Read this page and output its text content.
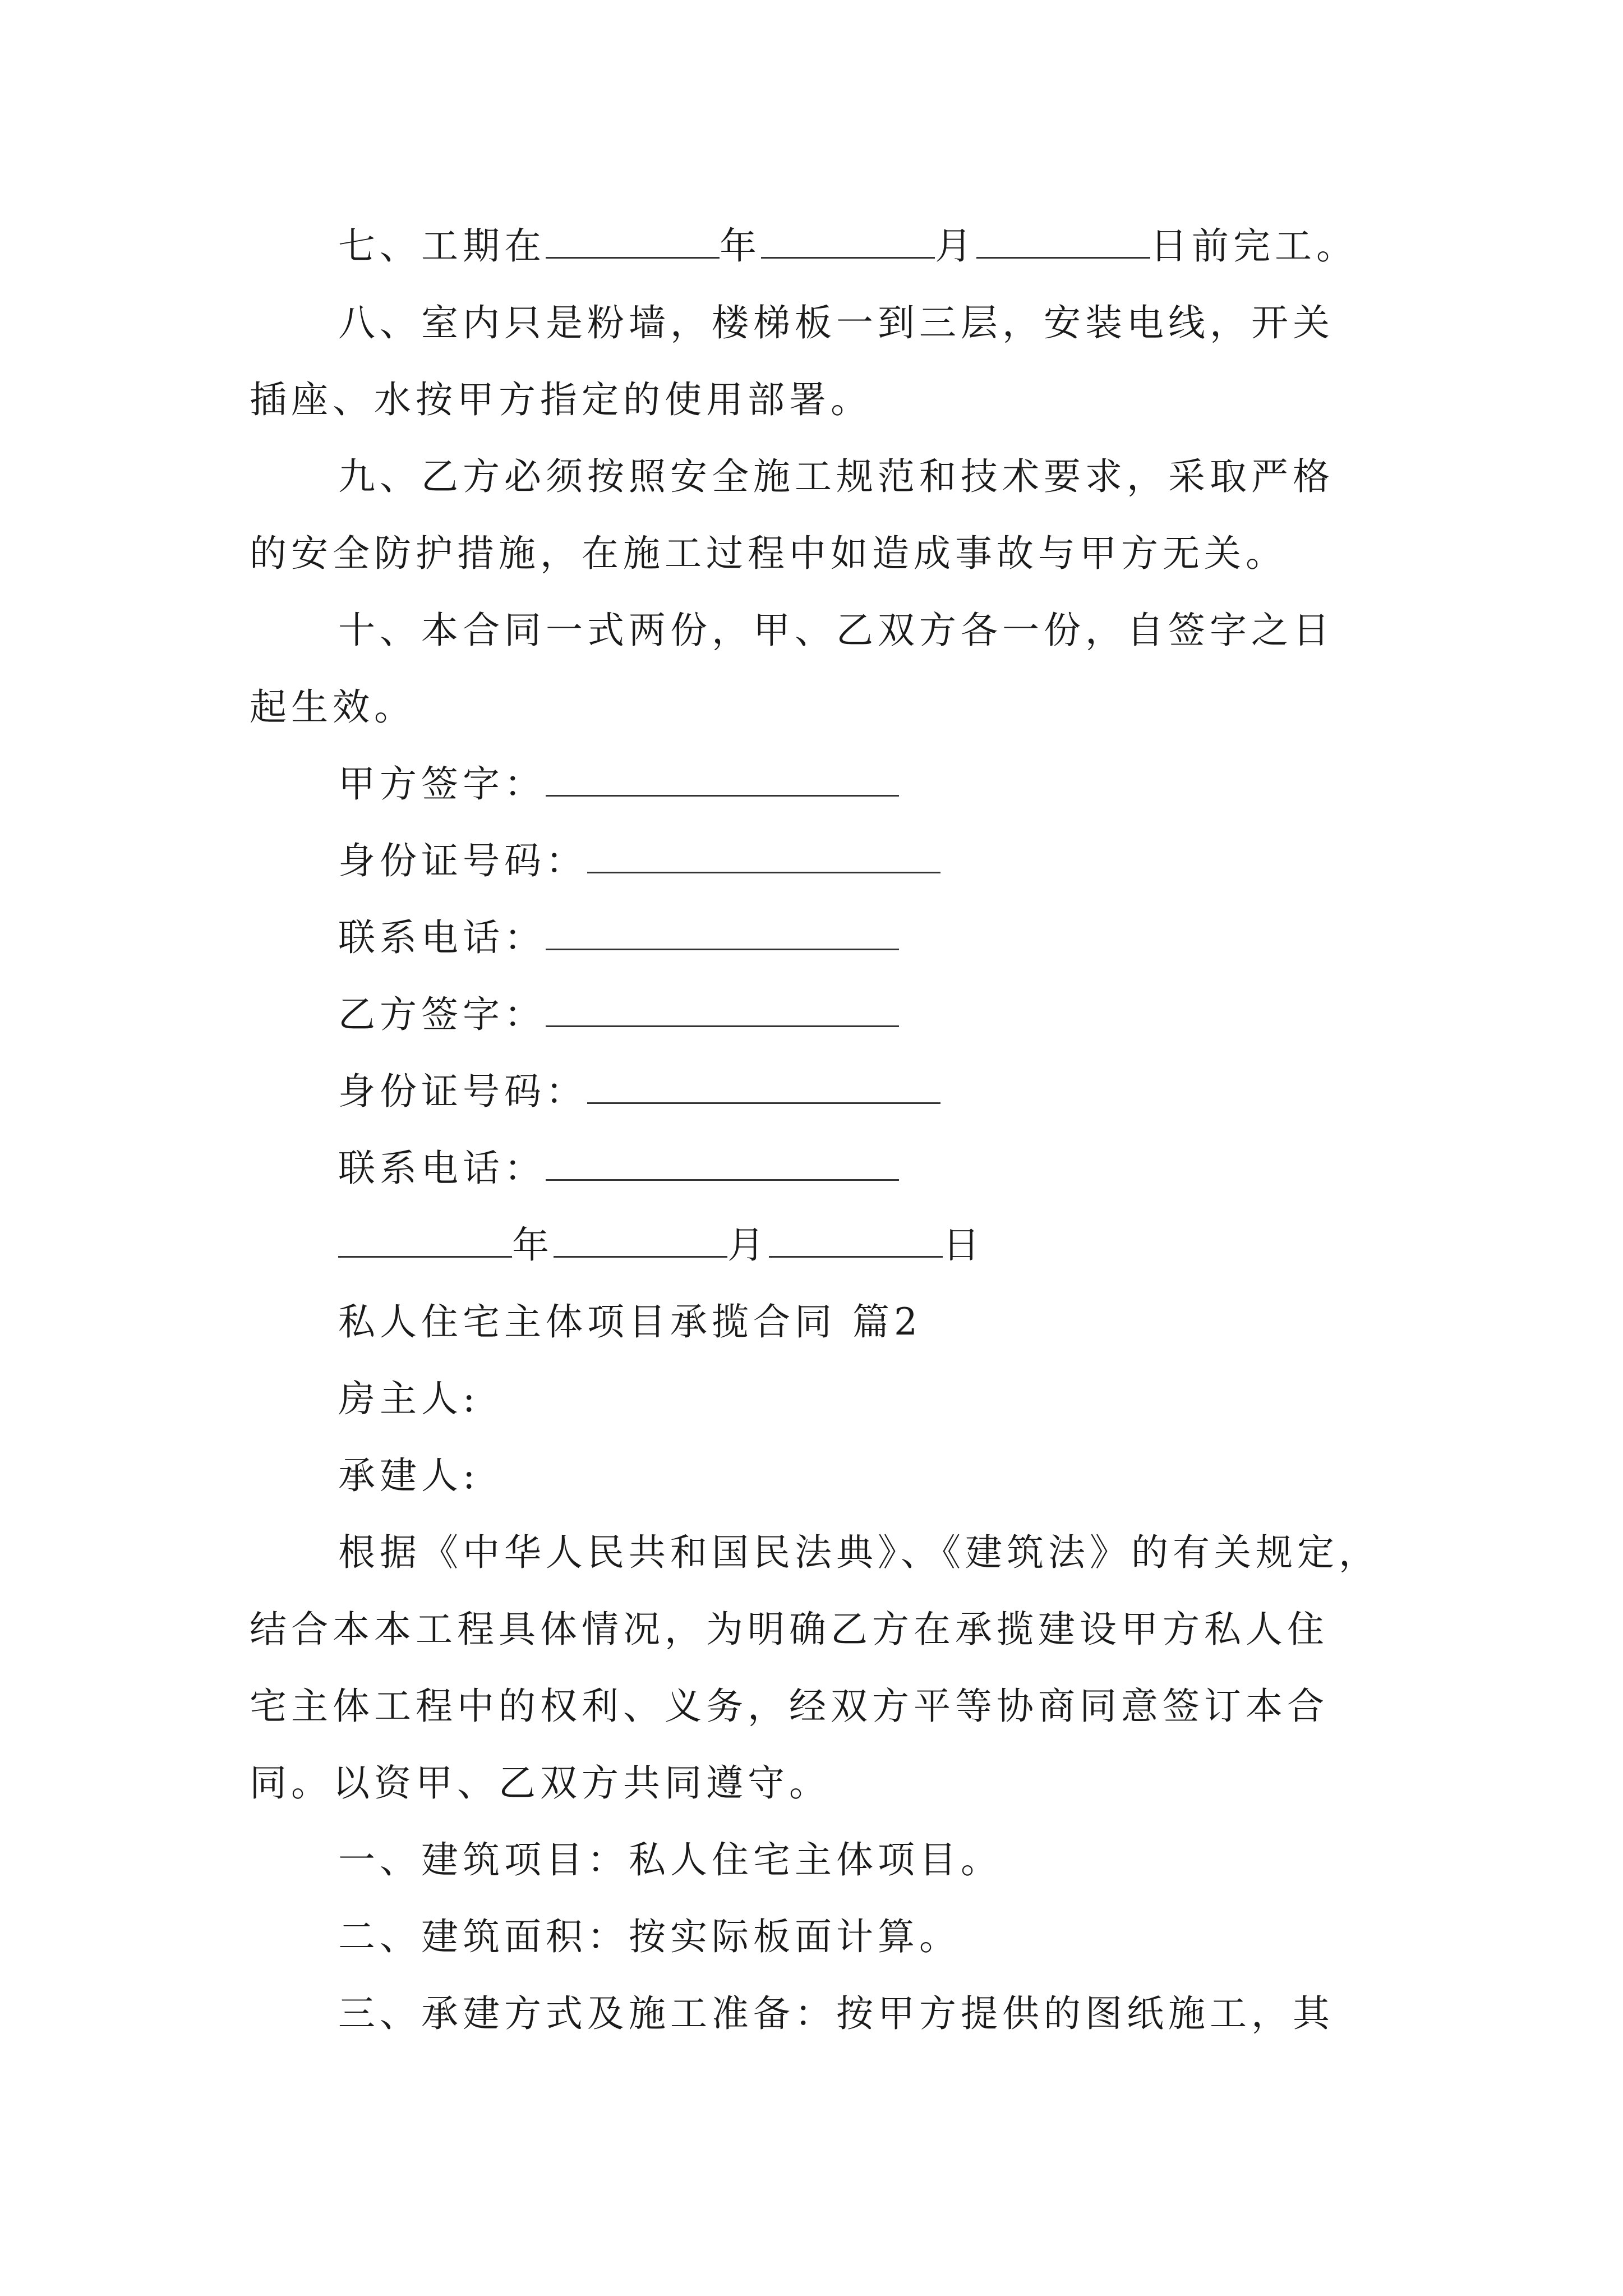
七、工期在	年	月	日前完工。
八、室内只是粉墙，楼梯板一到三层，安装电线，开关
插座、水按甲方指定的使用部署。
九、乙方必须按照安全施工规范和技术要求，采取严格
的安全防护措施，在施工过程中如造成事故与甲方无关。
十、本合同一式两份，甲、乙双方各一份，自签字之日
起生效。
甲方签字：
身份证号码：
联系电话：
乙方签字：
身份证号码：
联系电话：
年	月	日
私人住宅主体项目承揽合同 篇2
房主人:
承建人:
根据《中华人民共和国民法典》、《建筑法》的有关规定，
结合本本工程具体情况，为明确乙方在承揽建设甲方私人住
宅主体工程中的权利、义务，经双方平等协商同意签订本合
同。以资甲、乙双方共同遵守。
一、建筑项目：私人住宅主体项目。
二、建筑面积：按实际板面计算。
三、承建方式及施工准备：按甲方提供的图纸施工，其
